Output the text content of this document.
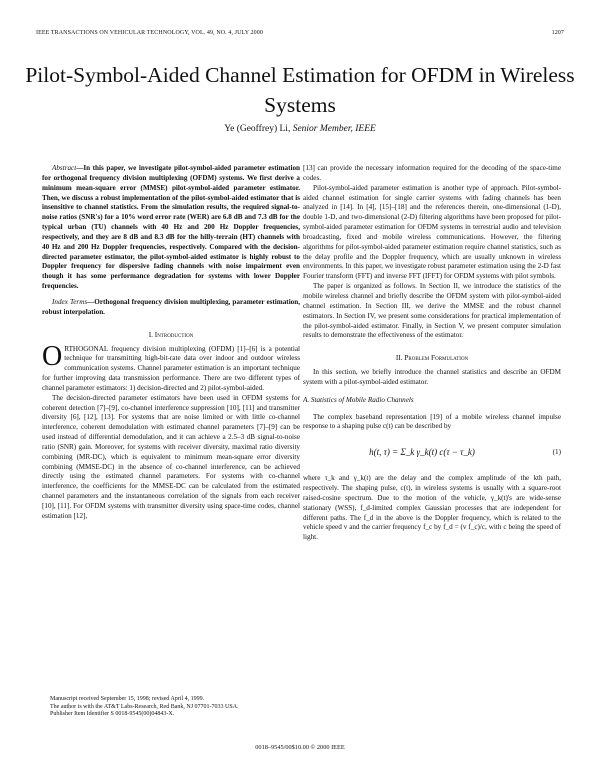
IEEE TRANSACTIONS ON VEHICULAR TECHNOLOGY, VOL. 49, NO. 4, JULY 2000	1207
Pilot-Symbol-Aided Channel Estimation for OFDM in Wireless Systems
Ye (Geoffrey) Li, Senior Member, IEEE

Abstract—In this paper, we investigate pilot-symbol-aided parameter estimation for orthogonal frequency division multiplexing (OFDM) systems. We first derive a minimum mean-square error (MMSE) pilot-symbol-aided parameter estimator. Then, we discuss a robust implementation of the pilot-symbol-aided estimator that is insensitive to channel statistics. From the simulation results, the required signal-to-noise ratios (SNR's) for a 10% word error rate (WER) are 6.8 dB and 7.3 dB for the typical urban (TU) channels with 40 Hz and 200 Hz Doppler frequencies, respectively, and they are 8 dB and 8.3 dB for the hilly-terrain (HT) channels with 40 Hz and 200 Hz Doppler frequencies, respectively. Compared with the decision-directed parameter estimator, the pilot-symbol-aided estimator is highly robust to Doppler frequency for dispersive fading channels with noise impairment even though it has some performance degradation for systems with lower Doppler frequencies.

Index Terms—Orthogonal frequency division multiplexing, parameter estimation, robust interpolation.

I. Introduction

ORTHOGONAL frequency division multiplexing (OFDM) [1]–[6] is a potential technique for transmitting high-bit-rate data over indoor and outdoor wireless communication systems. Channel parameter estimation is an important technique for further improving data transmission performance. There are two different types of channel parameter estimators: 1) decision-directed and 2) pilot-symbol-aided.

The decision-directed parameter estimators have been used in OFDM systems for coherent detection [7]–[9], co-channel interference suppression [10], [11] and transmitter diversity [6], [12], [13]. For systems that are noise limited or with little co-channel interference, coherent demodulation with estimated channel parameters [7]–[9] can be used instead of differential demodulation, and it can achieve a 2.5–3 dB signal-to-noise ratio (SNR) gain. Moreover, for systems with receiver diversity, maximal ratio diversity combining (MR-DC), which is equivalent to minimum mean-square error diversity combining (MMSE-DC) in the absence of co-channel interference, can be achieved directly using the estimated channel parameters. For systems with co-channel interference, the coefficients for the MMSE-DC can be calculated from the estimated channel parameters and the instantaneous correlation of the signals from each receiver [10], [11]. For OFDM systems with transmitter diversity using space-time codes, channel estimation [12],

[13] can provide the necessary information required for the decoding of the space-time codes.

Pilot-symbol-aided parameter estimation is another type of approach. Pilot-symbol-aided channel estimation for single carrier systems with fading channels has been analyzed in [14]. In [4], [15]–[18] and the references therein, one-dimensional (1-D), double 1-D, and two-dimensional (2-D) filtering algorithms have been proposed for pilot-symbol-aided parameter estimation for OFDM systems in terrestrial audio and television broadcasting, fixed and mobile wireless communications. However, the filtering algorithms for pilot-symbol-aided parameter estimation require channel statistics, such as the delay profile and the Doppler frequency, which are usually unknown in wireless environments. In this paper, we investigate robust parameter estimation using the 2-D fast Fourier transform (FFT) and inverse FFT (IFFT) for OFDM systems with pilot symbols.

The paper is organized as follows. In Section II, we introduce the statistics of the mobile wireless channel and briefly describe the OFDM system with pilot-symbol-aided channel estimation. In Section III, we derive the MMSE and the robust channel estimators. In Section IV, we present some considerations for practical implementation of the pilot-symbol-aided estimator. Finally, in Section V, we present computer simulation results to demonstrate the effectiveness of the estimator.

II. Problem Formulation

In this section, we briefly introduce the channel statistics and describe an OFDM system with a pilot-symbol-aided estimator.

A. Statistics of Mobile Radio Channels

The complex baseband representation [19] of a mobile wireless channel impulse response to a shaping pulse c(t) can be described by

h(t, τ) = Σ_k γ_k(t) c(τ − τ_k)	(1)

where τ_k and γ_k(t) are the delay and the complex amplitude of the kth path, respectively. The shaping pulse, c(t), in wireless systems is usually with a square-root raised-cosine spectrum. Due to the motion of the vehicle, γ_k(t)'s are wide-sense stationary (WSS), f_d-limited complex Gaussian processes that are independent for different paths. The f_d in the above is the Doppler frequency, which is related to the vehicle speed v and the carrier frequency f_c by f_d = (v f_c)/c, with c being the speed of light.

Manuscript received September 15, 1998; revised April 4, 1999.
The author is with the AT&T Labs-Research, Red Bank, NJ 07701-7033 USA.
Publisher Item Identifier S 0018-9545(00)04843-X.
0018–9545/00$10.00 © 2000 IEEE
